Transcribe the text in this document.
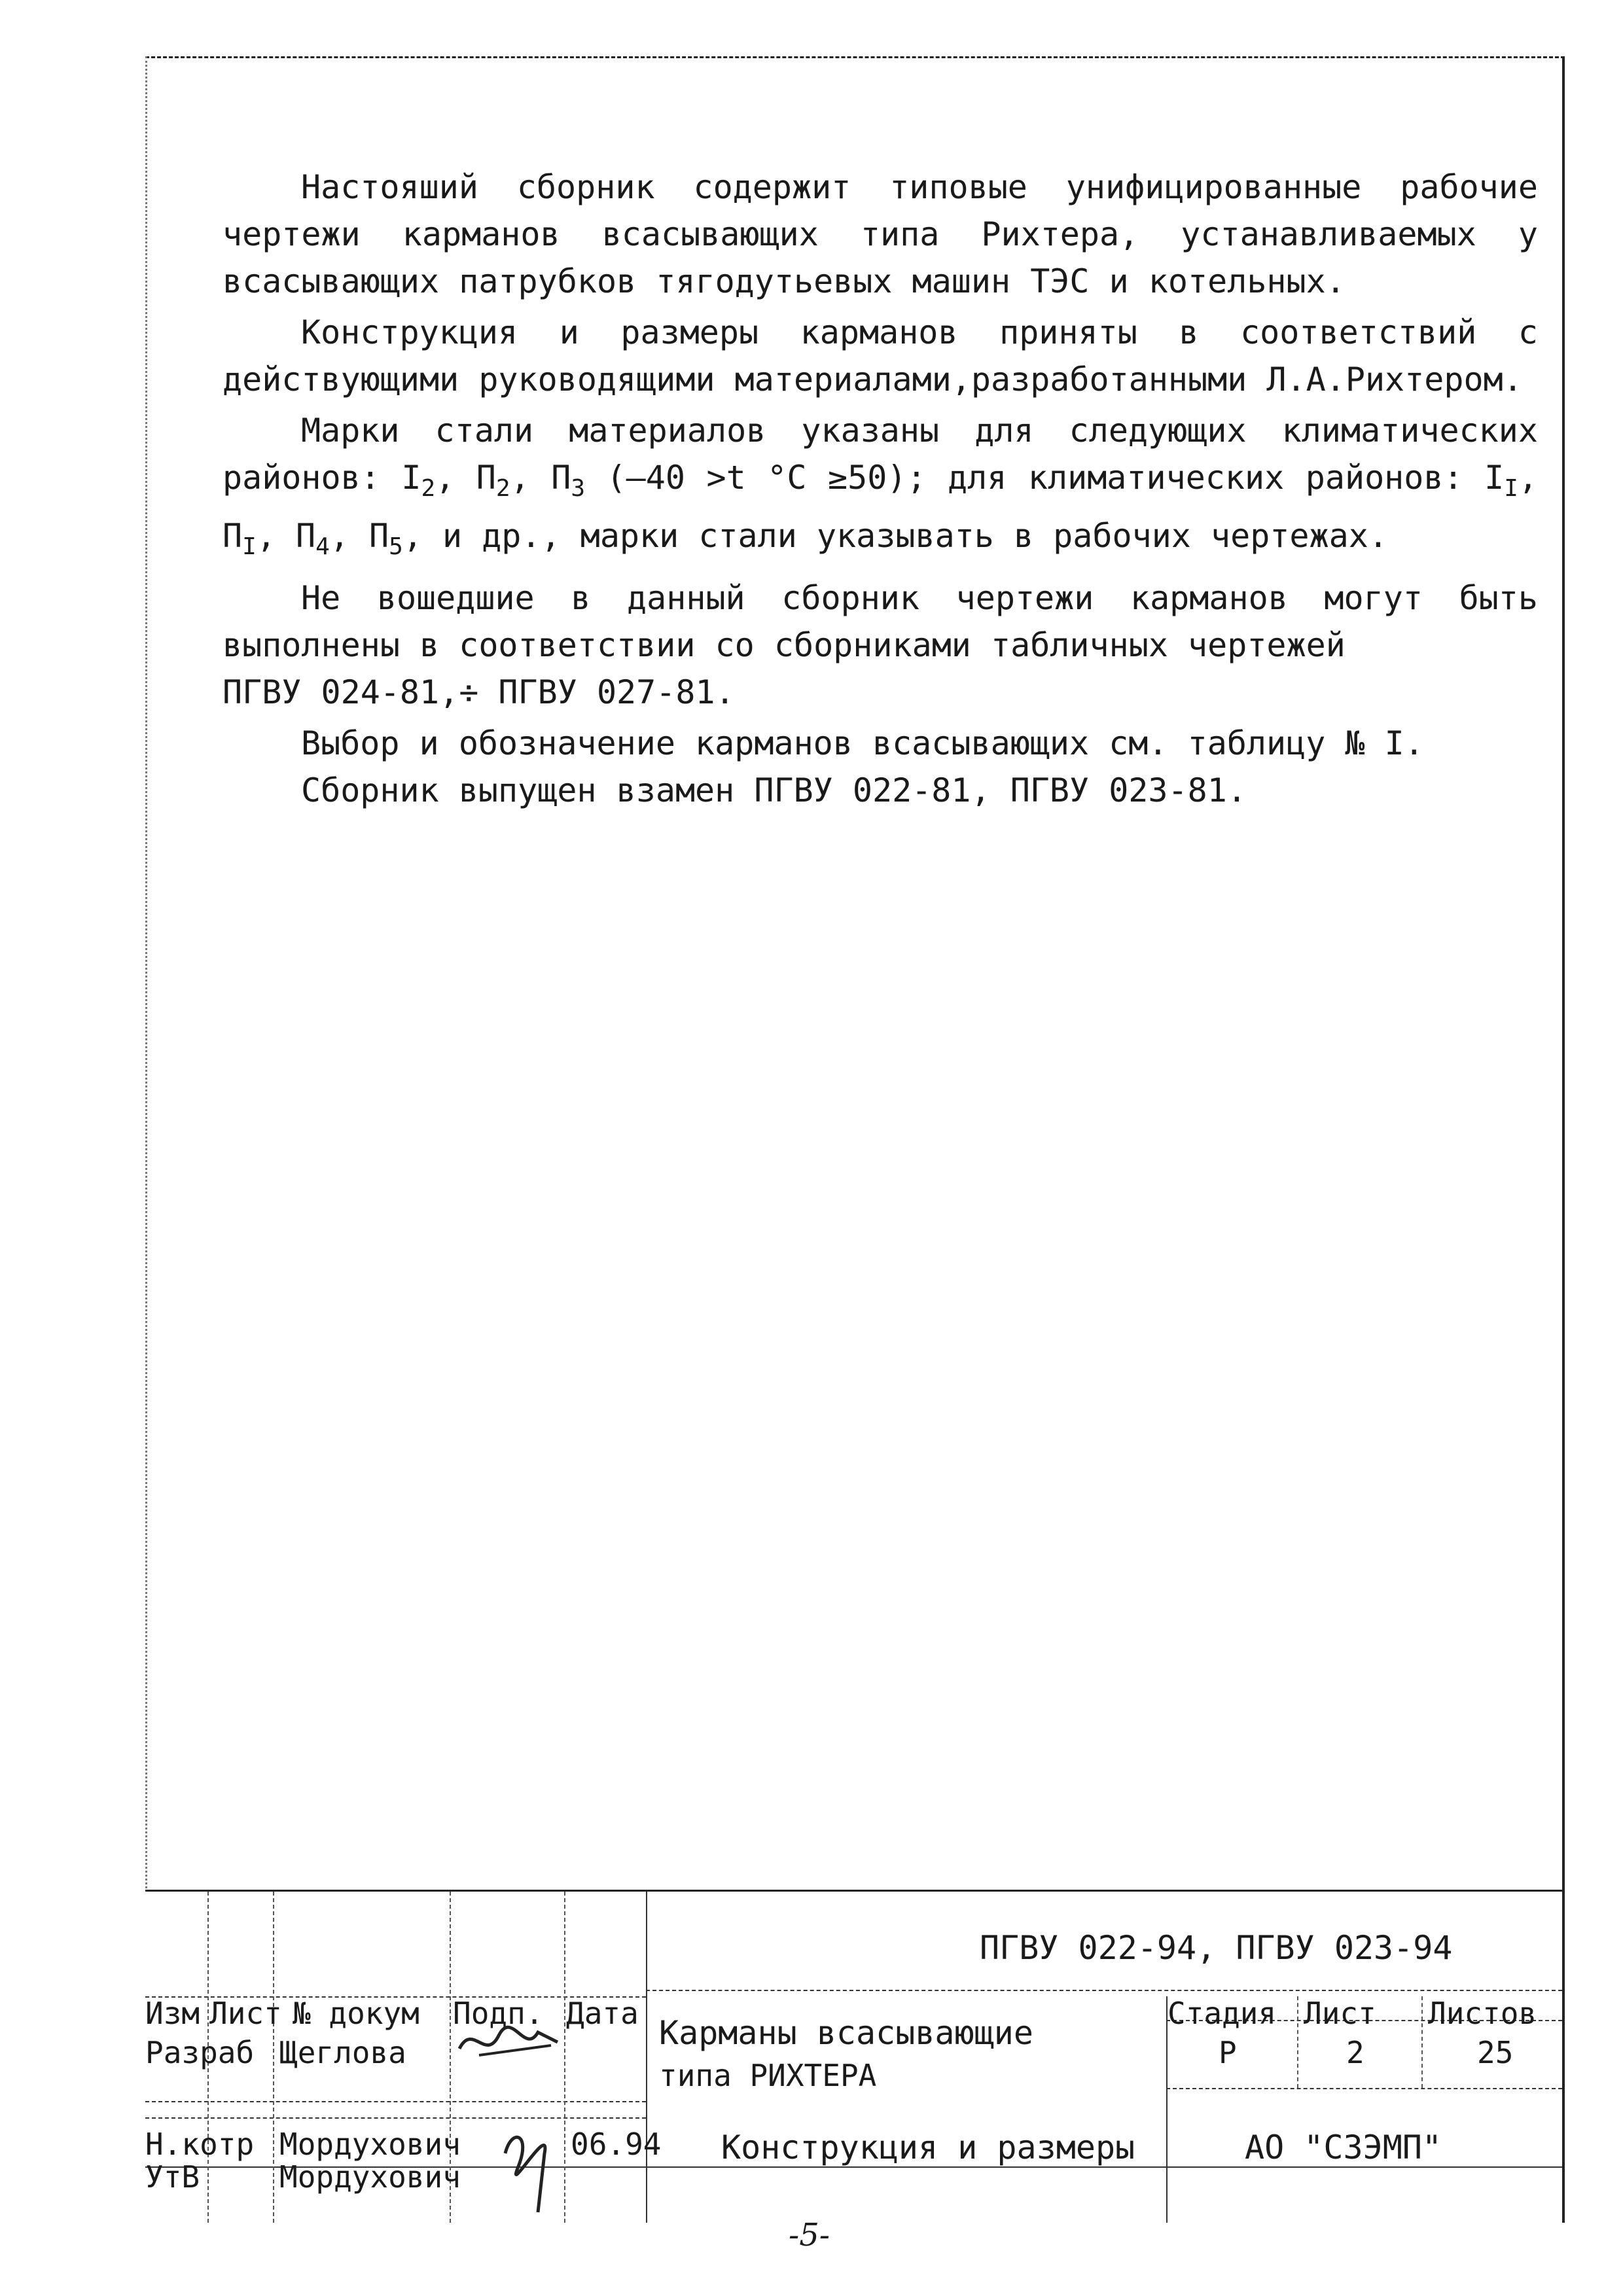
Настояший сборник содержит типовые унифицированные рабочие чертежи карманов всасывающих типа Рихтера, устанавливаемых у всасывающих патрубков тягодутьевых машин ТЭС и котельных.

Конструкция и размеры карманов приняты в соответствий с действующими руководящими материалами,разработанными Л.А.Рихтером.

Марки стали материалов указаны для следующих климатических районов: $I_2$, $П_2$, $П_3$ (–40 >t °C ≥50); для климатических районов: $I_I$, $П_I$, $П_4$, $П_5$, и др., марки стали указывать в рабочих чертежах.

Не вошедшие в данный сборник чертежи карманов могут быть выполнены в соответствии со сборниками табличных чертежей

ПГВУ 024-81,÷ ПГВУ 027-81.

Выбор и обозначение карманов всасывающих см. таблицу № I.

Сборник выпущен взамен ПГВУ 022-81, ПГВУ 023-81.

ПГВУ 022-94, ПГВУ 023-94
Изм Лист № докум Подп. Дата
Разраб Щеглова
Н.котр Мордухович	06.94
УтВ	Мордухович
Карманы всасывающие
типа РИХТЕРА
Конструкция и размеры
Стадия
Р
Лист
2
Листов
25
АО "СЗЭМП"
-5-
